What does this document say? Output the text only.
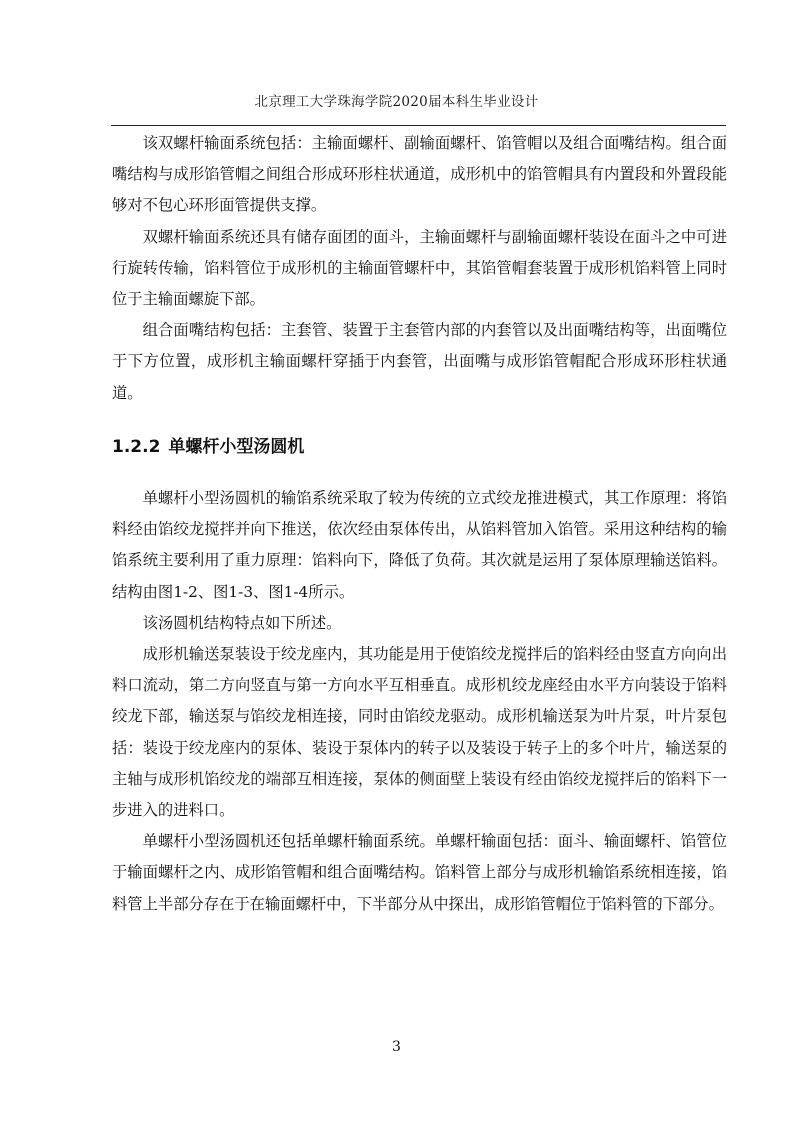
北京理工大学珠海学院2020届本科生毕业设计

该双螺杆输面系统包括：主输面螺杆、副输面螺杆、馅管帽以及组合面嘴结构。组合面嘴结构与成形馅管帽之间组合形成环形柱状通道，成形机中的馅管帽具有内置段和外置段能够对不包心环形面管提供支撑。

双螺杆输面系统还具有储存面团的面斗，主输面螺杆与副输面螺杆装设在面斗之中可进行旋转传输，馅料管位于成形机的主输面管螺杆中，其馅管帽套装置于成形机馅料管上同时位于主输面螺旋下部。

组合面嘴结构包括：主套管、装置于主套管内部的内套管以及出面嘴结构等，出面嘴位于下方位置，成形机主输面螺杆穿插于内套管，出面嘴与成形馅管帽配合形成环形柱状通道。

1.2.2 单螺杆小型汤圆机

单螺杆小型汤圆机的输馅系统采取了较为传统的立式绞龙推进模式，其工作原理：将馅料经由馅绞龙搅拌并向下推送，依次经由泵体传出，从馅料管加入馅管。采用这种结构的输馅系统主要利用了重力原理：馅料向下，降低了负荷。其次就是运用了泵体原理输送馅料。结构由图1-2、图1-3、图1-4所示。

该汤圆机结构特点如下所述。

成形机输送泵装设于绞龙座内，其功能是用于使馅绞龙搅拌后的馅料经由竖直方向向出料口流动，第二方向竖直与第一方向水平互相垂直。成形机绞龙座经由水平方向装设于馅料绞龙下部，输送泵与馅绞龙相连接，同时由馅绞龙驱动。成形机输送泵为叶片泵，叶片泵包括：装设于绞龙座内的泵体、装设于泵体内的转子以及装设于转子上的多个叶片，输送泵的主轴与成形机馅绞龙的端部互相连接，泵体的侧面壁上装设有经由馅绞龙搅拌后的馅料下一步进入的进料口。

单螺杆小型汤圆机还包括单螺杆输面系统。单螺杆输面包括：面斗、输面螺杆、馅管位于输面螺杆之内、成形馅管帽和组合面嘴结构。馅料管上部分与成形机输馅系统相连接，馅料管上半部分存在于在输面螺杆中，下半部分从中探出，成形馅管帽位于馅料管的下部分。

3
